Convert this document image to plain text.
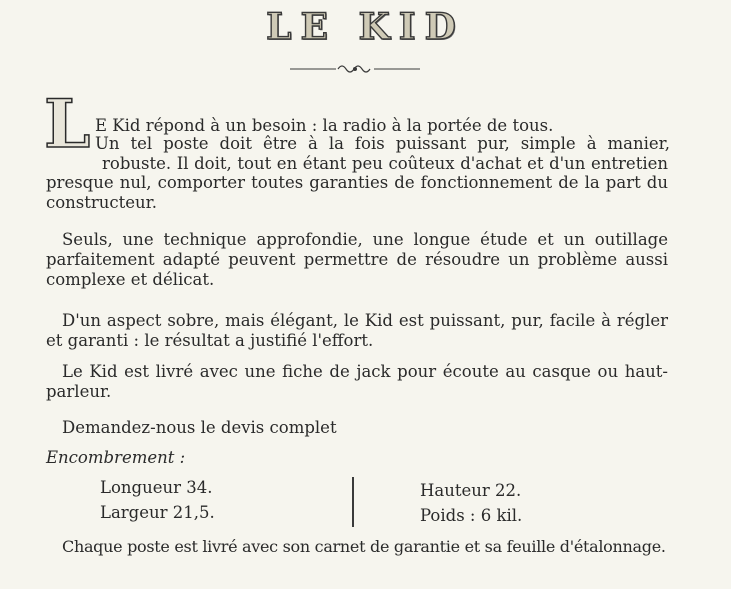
LE KID
L E Kid répond à un besoin : la radio à la portée de tous.

Un tel poste doit être à la fois puissant pur, simple à manier,

robuste. Il doit, tout en étant peu coûteux d'achat et d'un entretien

presque nul, comporter toutes garanties de fonctionnement de la part du

constructeur.

Seuls, une technique approfondie, une longue étude et un outillage

parfaitement adapté peuvent permettre de résoudre un problème aussi

complexe et délicat.

D'un aspect sobre, mais élégant, le Kid est puissant, pur, facile à régler

et garanti : le résultat a justifié l'effort.

Le Kid est livré avec une fiche de jack pour écoute au casque ou haut-

parleur.

Demandez-nous le devis complet

Encombrement :

Longueur 34.

Largeur 21,5.

Hauteur 22.

Poids : 6 kil.

Chaque poste est livré avec son carnet de garantie et sa feuille d'étalonnage.
